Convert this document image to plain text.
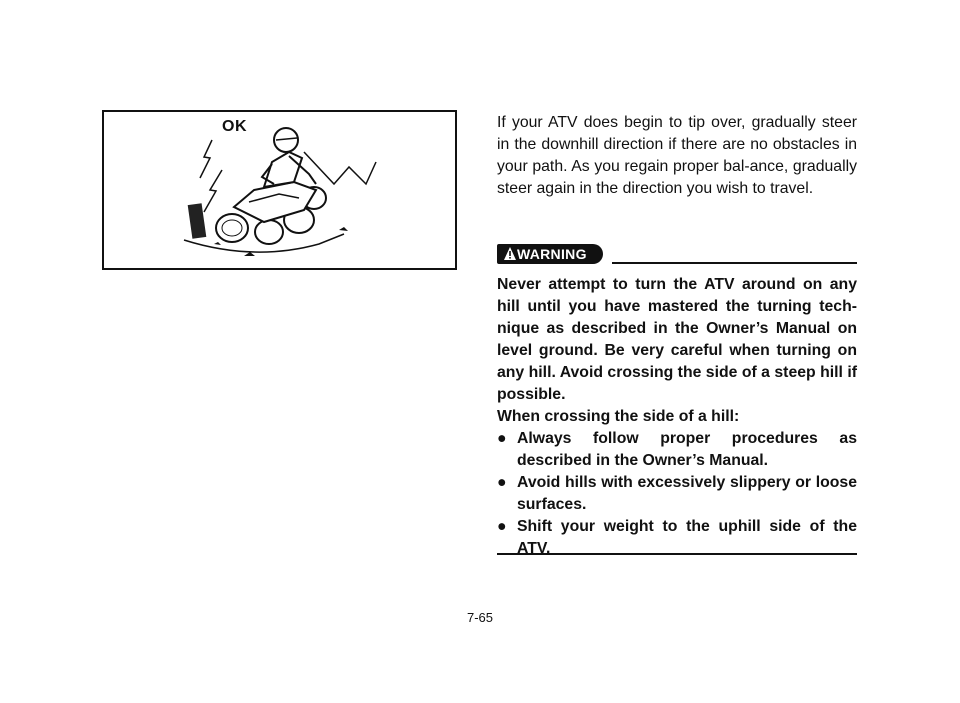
OK	If your ATV does begin to tip over, gradually steer in the downhill direction if there are no obstacles in your path. As you regain proper bal-ance, gradually steer again in the direction you wish to travel.

WARNING

Never attempt to turn the ATV around on any hill until you have mastered the turning tech-nique as described in the Owner’s Manual on level ground. Be very careful when turning on any hill. Avoid crossing the side of a steep hill if possible.

When crossing the side of a hill:

● Always follow proper procedures as described in the Owner’s Manual.
● Avoid hills with excessively slippery or loose surfaces.
● Shift your weight to the uphill side of the ATV.
7-65
